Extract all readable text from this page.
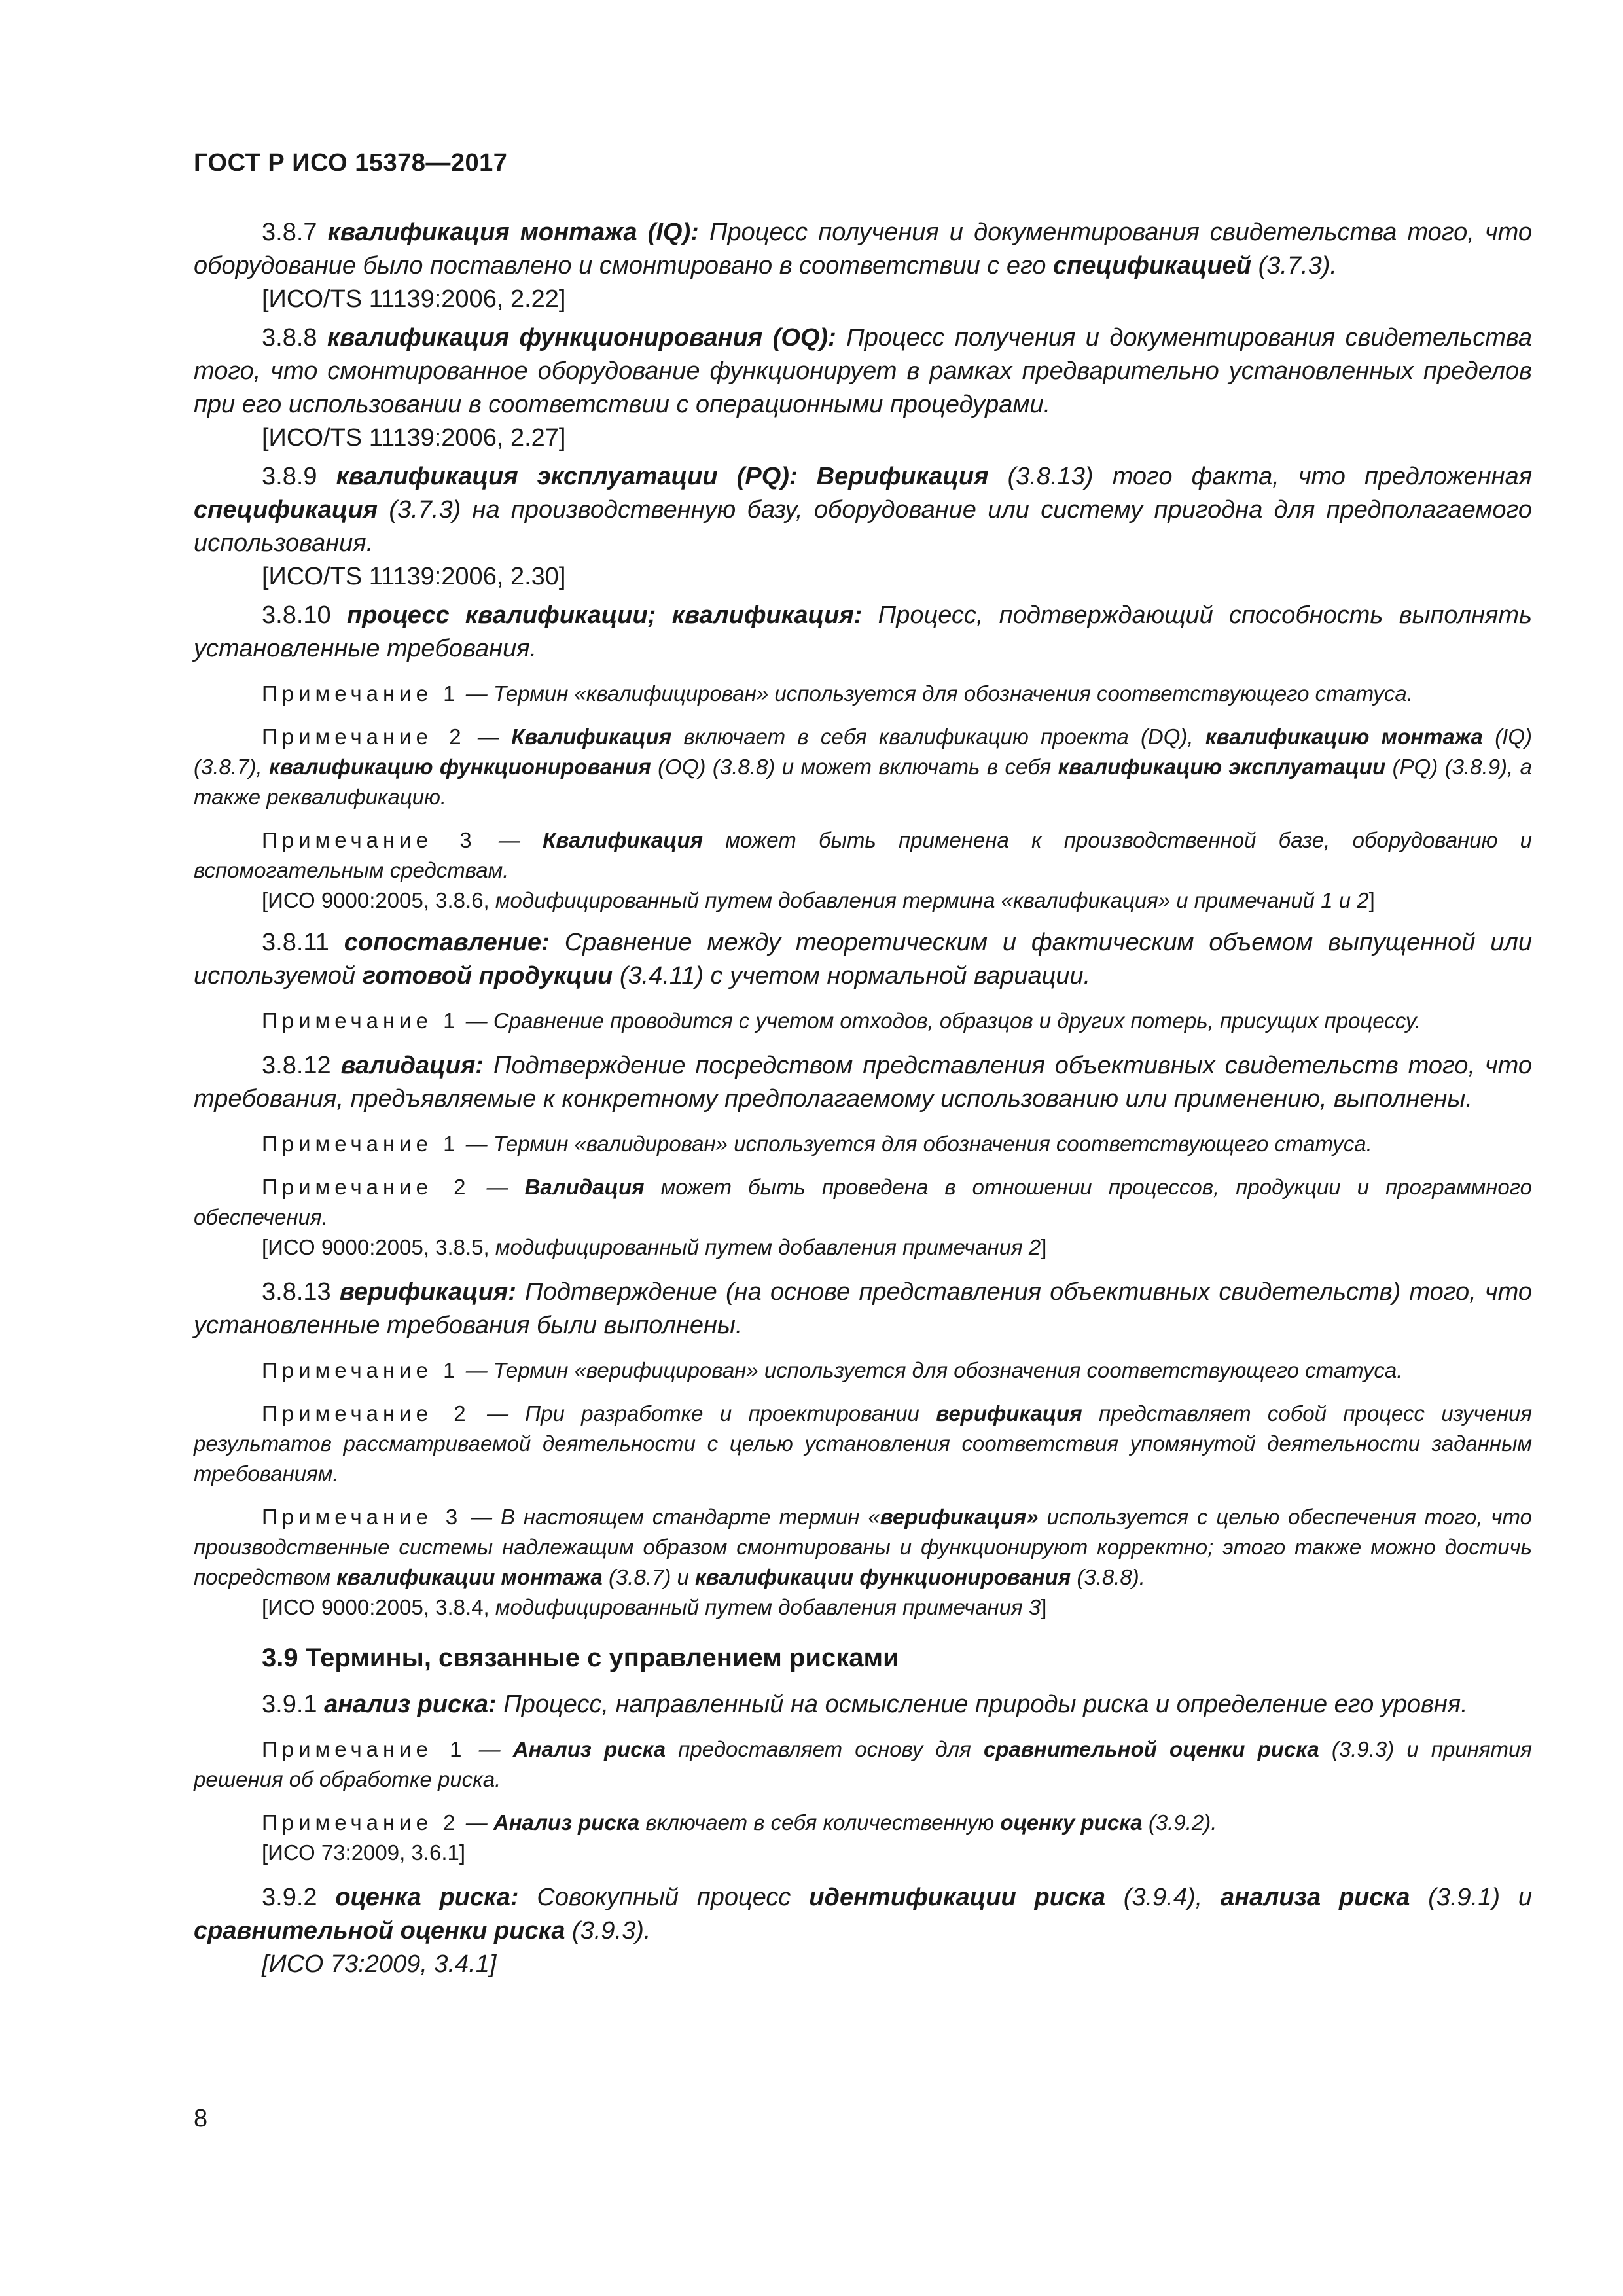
ГОСТ Р ИСО 15378—2017

3.8.7 квалификация монтажа (IQ): Процесс получения и документирования свидетельства того, что оборудование было поставлено и смонтировано в соответствии с его спецификацией (3.7.3).

[ИСО/TS 11139:2006, 2.22]

3.8.8 квалификация функционирования (OQ): Процесс получения и документирования свидетельства того, что смонтированное оборудование функционирует в рамках предварительно установленных пределов при его использовании в соответствии с операционными процедурами.

[ИСО/TS 11139:2006, 2.27]

3.8.9 квалификация эксплуатации (PQ): Верификация (3.8.13) того факта, что предложенная спецификация (3.7.3) на производственную базу, оборудование или систему пригодна для предполагаемого использования.

[ИСО/TS 11139:2006, 2.30]

3.8.10 процесс квалификации; квалификация: Процесс, подтверждающий способность выполнять установленные требования.

Примечание 1 — Термин «квалифицирован» используется для обозначения соответствующего статуса.

Примечание 2 — Квалификация включает в себя квалификацию проекта (DQ), квалификацию монтажа (IQ) (3.8.7), квалификацию функционирования (OQ) (3.8.8) и может включать в себя квалификацию эксплуатации (PQ) (3.8.9), а также реквалификацию.

Примечание 3 — Квалификация может быть применена к производственной базе, оборудованию и вспомогательным средствам.

[ИСО 9000:2005, 3.8.6, модифицированный путем добавления термина «квалификация» и примечаний 1 и 2]

3.8.11 сопоставление: Сравнение между теоретическим и фактическим объемом выпущенной или используемой готовой продукции (3.4.11) с учетом нормальной вариации.

Примечание 1 — Сравнение проводится с учетом отходов, образцов и других потерь, присущих процессу.

3.8.12 валидация: Подтверждение посредством представления объективных свидетельств того, что требования, предъявляемые к конкретному предполагаемому использованию или применению, выполнены.

Примечание 1 — Термин «валидирован» используется для обозначения соответствующего статуса.

Примечание 2 — Валидация может быть проведена в отношении процессов, продукции и программного обеспечения.

[ИСО 9000:2005, 3.8.5, модифицированный путем добавления примечания 2]

3.8.13 верификация: Подтверждение (на основе представления объективных свидетельств) того, что установленные требования были выполнены.

Примечание 1 — Термин «верифицирован» используется для обозначения соответствующего статуса.

Примечание 2 — При разработке и проектировании верификация представляет собой процесс изучения результатов рассматриваемой деятельности с целью установления соответствия упомянутой деятельности заданным требованиям.

Примечание 3 — В настоящем стандарте термин «верификация» используется с целью обеспечения того, что производственные системы надлежащим образом смонтированы и функционируют корректно; этого также можно достичь посредством квалификации монтажа (3.8.7) и квалификации функционирования (3.8.8).

[ИСО 9000:2005, 3.8.4, модифицированный путем добавления примечания 3]

3.9 Термины, связанные с управлением рисками

3.9.1 анализ риска: Процесс, направленный на осмысление природы риска и определение его уровня.

Примечание 1 — Анализ риска предоставляет основу для сравнительной оценки риска (3.9.3) и принятия решения об обработке риска.

Примечание 2 — Анализ риска включает в себя количественную оценку риска (3.9.2).

[ИСО 73:2009, 3.6.1]

3.9.2 оценка риска: Совокупный процесс идентификации риска (3.9.4), анализа риска (3.9.1) и сравнительной оценки риска (3.9.3).

[ИСО 73:2009, 3.4.1]

8
